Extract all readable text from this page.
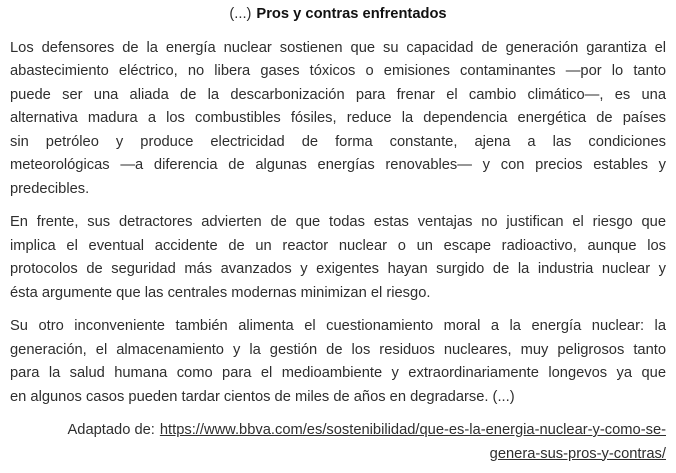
(...) Pros y contras enfrentados
Los defensores de la energía nuclear sostienen que su capacidad de generación garantiza el
abastecimiento eléctrico, no libera gases tóxicos o emisiones contaminantes —por lo tanto
puede ser una aliada de la descarbonización para frenar el cambio climático—, es una
alternativa madura a los combustibles fósiles, reduce la dependencia energética de países
sin petróleo y produce electricidad de forma constante, ajena a las condiciones
meteorológicas —a diferencia de algunas energías renovables— y con precios estables y
predecibles.
En frente, sus detractores advierten de que todas estas ventajas no justifican el riesgo que
implica el eventual accidente de un reactor nuclear o un escape radioactivo, aunque los
protocolos de seguridad más avanzados y exigentes hayan surgido de la industria nuclear y
ésta argumente que las centrales modernas minimizan el riesgo.
Su otro inconveniente también alimenta el cuestionamiento moral a la energía nuclear: la
generación, el almacenamiento y la gestión de los residuos nucleares, muy peligrosos tanto
para la salud humana como para el medioambiente y extraordinariamente longevos ya que
en algunos casos pueden tardar cientos de miles de años en degradarse. (...)
Adaptado de: https://www.bbva.com/es/sostenibilidad/que-es-la-energia-nuclear-y-como-se-
genera-sus-pros-y-contras/
